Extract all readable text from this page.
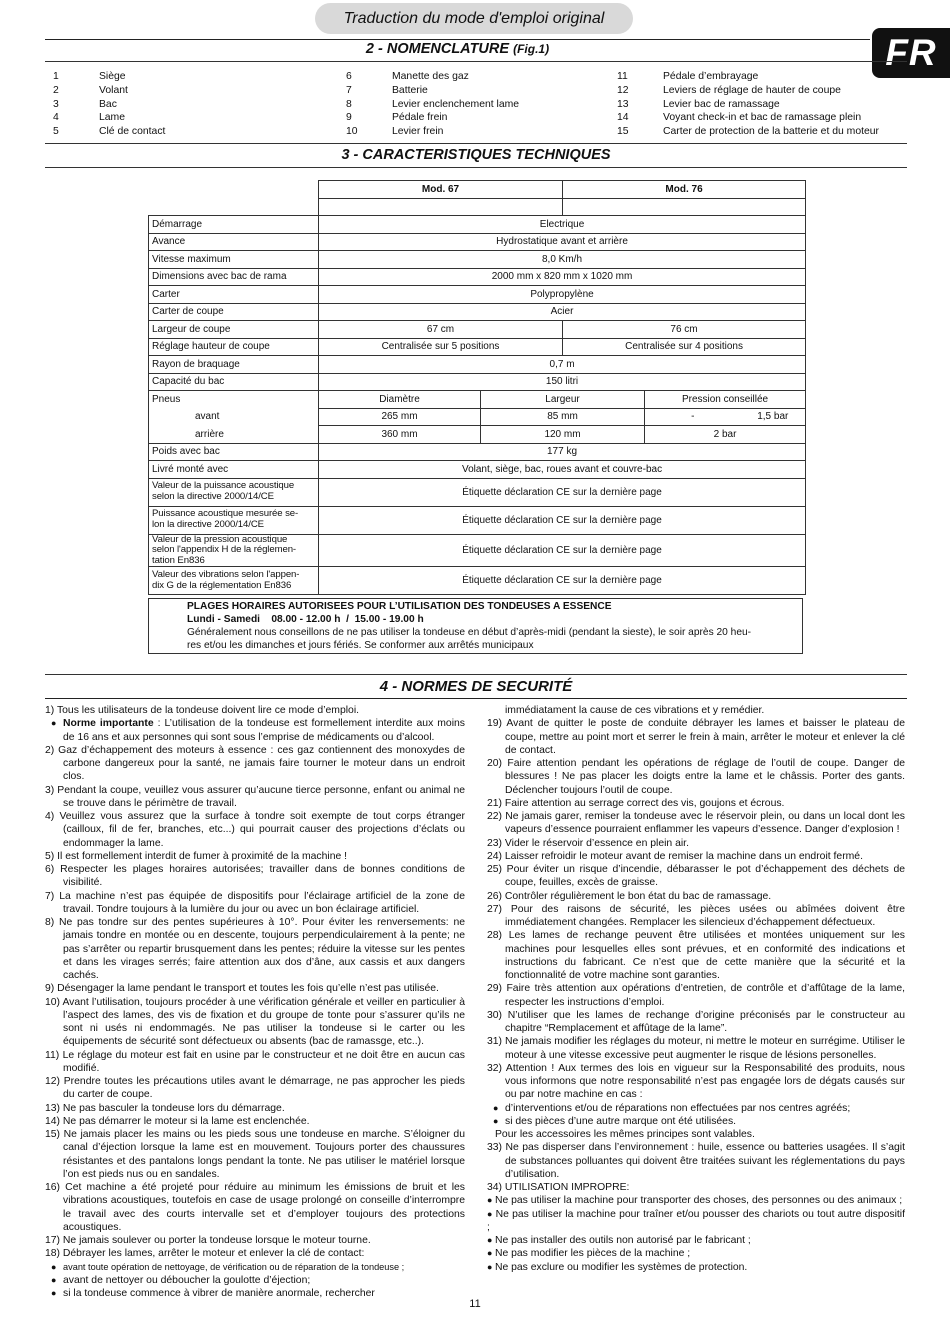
Traduction du mode d'emploi original
FR
2 - NOMENCLATURE (Fig.1)
1	Siège
2	Volant
3	Bac
4	Lame
5	Clé de contact
6	Manette des gaz
7	Batterie
8	Levier enclenchement lame
9	Pédale frein
10	Levier frein
11	Pédale d’embrayage
12	Leviers de réglage de hauter de coupe
13	Levier bac de ramassage
14	Voyant check-in et bac de ramassage plein
15	Carter de protection de la batterie et du moteur
3 - CARACTERISTIQUES TECHNIQUES
	Mod. 67		Mod. 76		

Démarrage	Electrique				
Avance	Hydrostatique avant et arrière				
Vitesse maximum	8,0 Km/h				
Dimensions avec bac de rama	2000 mm x 820 mm x 1020 mm				
Carter	Polypropylène				
Carter de coupe	Acier				
Largeur de coupe	67 cm		76 cm		
Réglage hauteur de coupe	Centralisée sur 5 positions		Centralisée sur 4 positions		
Rayon de braquage	0,7 m				
Capacité du bac	150 litri				
Pneus	Diamètre	Largeur		Pression conseillée	
avant	265 mm	85 mm		-	1,5 bar
arrière	360 mm	120 mm		2 bar	
Poids avec bac	177 kg				
Livré monté avec	Volant, siège, bac, roues avant et couvre-bac				
Valeur de la puissance acoustique
selon la directive 2000/14/CE	Étiquette déclaration CE sur la dernière page				
Puissance acoustique mesurée se-
lon la directive 2000/14/CE	Étiquette déclaration CE sur la dernière page				
Valeur de la pression acoustique
selon l'appendix H de la réglemen-
tation En836	Étiquette déclaration CE sur la dernière page				
Valeur des vibrations selon l'appen-
dix G de la réglementation En836	Étiquette déclaration CE sur la dernière page				
PLAGES HORAIRES AUTORISEES POUR L’UTILISATION DES TONDEUSES A ESSENCE
Lundi - Samedi    08.00 - 12.00 h  /  15.00 - 19.00 h
Généralement nous conseillons de ne pas utiliser la tondeuse en début d’après-midi (pendant la sieste), le soir après 20 heu-
res et/ou les dimanches et jours fériés. Se conformer aux arrêtés municipaux
4 - NORMES DE SECURITÉ
1) Tous les utilisateurs de la tondeuse doivent lire ce mode d’emploi.
● Norme importante : L’utilisation de la tondeuse est formellement interdite aux moins de 16 ans et aux personnes qui sont sous l’emprise de médicaments ou d’alcool.
2) Gaz d’échappement des moteurs à essence : ces gaz contiennent des monoxydes de carbone dangereux pour la santé, ne jamais faire tourner le moteur dans un endroit clos.
3) Pendant la coupe, veuillez vous assurer qu’aucune tierce personne, enfant ou animal ne se trouve dans le périmètre de travail.
4) Veuillez vous assurez que la surface à tondre soit exempte de tout corps étranger (cailloux, fil de fer, branches, etc...) qui pourrait causer des projections d’éclats ou endommager la lame.
5) Il est formellement interdit de fumer à proximité de la machine !
6) Respecter les plages horaires autorisées; travailler dans de bonnes conditions de visibilité.
7) La machine n’est pas équipée de dispositifs pour l’éclairage artificiel de la zone de travail. Tondre toujours à la lumière du jour ou avec un bon éclairage artificiel.
8) Ne pas tondre sur des pentes supérieures à 10°. Pour éviter les renversements: ne jamais tondre en montée ou en descente, toujours perpendiculairement à la pente; ne pas s’arrêter ou repartir brusquement dans les pentes; réduire la vitesse sur les pentes et dans les virages serrés; faire attention aux dos d’âne, aux cassis et aux dangers cachés.
9) Désengager la lame pendant le transport et toutes les fois qu’elle n’est pas utilisée.
10) Avant l’utilisation, toujours procéder à une vérification générale et veiller en particulier à l’aspect des lames, des vis de fixation et du groupe de tonte pour s’assurer qu’ils ne sont ni usés ni endommagés. Ne pas utiliser la tondeuse si le carter ou les équipements de sécurité sont défectueux ou absents (bac de ramassge, etc..).
11) Le réglage du moteur est fait en usine par le constructeur et ne doit être en aucun cas modifié.
12) Prendre toutes les précautions utiles avant le démarrage, ne pas approcher les pieds du carter de coupe.
13) Ne pas basculer la tondeuse lors du démarrage.
14) Ne pas démarrer le moteur si la lame est enclenchée.
15) Ne jamais placer les mains ou les pieds sous une tondeuse en marche. S’éloigner du canal d’éjection lorsque la lame est en mouvement. Toujours porter des chaussures résistantes et des pantalons longs pendant la tonte. Ne pas utiliser le matériel lorsque l’on est pieds nus ou en sandales.
16) Cet machine a été projeté pour réduire au minimum les émissions de bruit et les vibrations acoustiques, toutefois en case de usage prolongé on conseille d’interrompre le travail avec des courts intervalle set et d’employer toujours des protections acoustiques.
17) Ne jamais soulever ou porter la tondeuse lorsque le moteur tourne.
18) Débrayer les lames, arrêter le moteur et enlever la clé de contact:
● avant toute opération de nettoyage, de vérification ou de réparation de la tondeuse ;
● avant de nettoyer ou déboucher la goulotte d’éjection;
● si la tondeuse commence à vibrer de manière anormale, rechercher
immédiatament la cause de ces vibrations et y remédier.
19) Avant de quitter le poste de conduite débrayer les lames et baisser le plateau de coupe, mettre au point mort et serrer le frein à main, arrêter le moteur et enlever la clé de contact.
20) Faire attention pendant les opérations de réglage de l’outil de coupe. Danger de blessures ! Ne pas placer les doigts entre la lame et le châssis. Porter des gants. Déclencher toujours l’outil de coupe.
21) Faire attention au serrage correct des vis, goujons et écrous.
22) Ne jamais garer, remiser la tondeuse avec le réservoir plein, ou dans un local dont les vapeurs d’essence pourraient enflammer les vapeurs d’essence. Danger d’explosion !
23) Vider le réservoir d’essence en plein air.
24) Laisser refroidir le moteur avant de remiser la machine dans un endroit fermé.
25) Pour éviter un risque d’incendie, débarasser le pot d’échappement des déchets de coupe, feuilles, excès de graisse.
26) Contrôler régulièrement le bon état du bac de ramassage.
27) Pour des raisons de sécurité, les pièces usées ou abîmées doivent être immédiatement changées. Remplacer les silencieux d’échappement défectueux.
28) Les lames de rechange peuvent être utilisées et montées uniquement sur les machines pour lesquelles elles sont prévues, et en conformité des indications et instructions du fabricant. Ce n’est que de cette manière que la sécurité et la fonctionnalité de votre machine sont garanties.
29) Faire très attention aux opérations d’entretien, de contrôle et d’affûtage de la lame, respecter les instructions d’emploi.
30) N’utiliser que les lames de rechange d’origine préconisés par le constructeur au chapitre “Remplacement et affûtage de la lame”.
31) Ne jamais modifier les réglages du moteur, ni mettre le moteur en surrégime. Utiliser le moteur à une vitesse excessive peut augmenter le risque de lésions personelles.
32) Attention ! Aux termes des lois en vigueur sur la Responsabilité des produits, nous vous informons que notre responsabilité n’est pas engagée lors de dégats causés sur ou par notre machine en cas :
● d’interventions et/ou de réparations non effectuées par nos centres agréés;
● si des pièces d’une autre marque ont été utilisées.
Pour les accessoires les mêmes principes sont valables.
33) Ne pas disperser dans l’environnement : huile, essence ou batteries usagées. Il s’agit de substances polluantes qui doivent être traitées suivant les réglementations du pays d’utilisation.
34) UTILISATION IMPROPRE:
● Ne pas utiliser la machine pour transporter des choses, des personnes ou des animaux ;
● Ne pas utiliser la machine pour traîner et/ou pousser des chariots ou tout autre dispositif ;
● Ne pas installer des outils non autorisé par le fabricant ;
● Ne pas modifier les pièces de la machine ;
● Ne pas exclure ou modifier les systèmes de protection.
11
